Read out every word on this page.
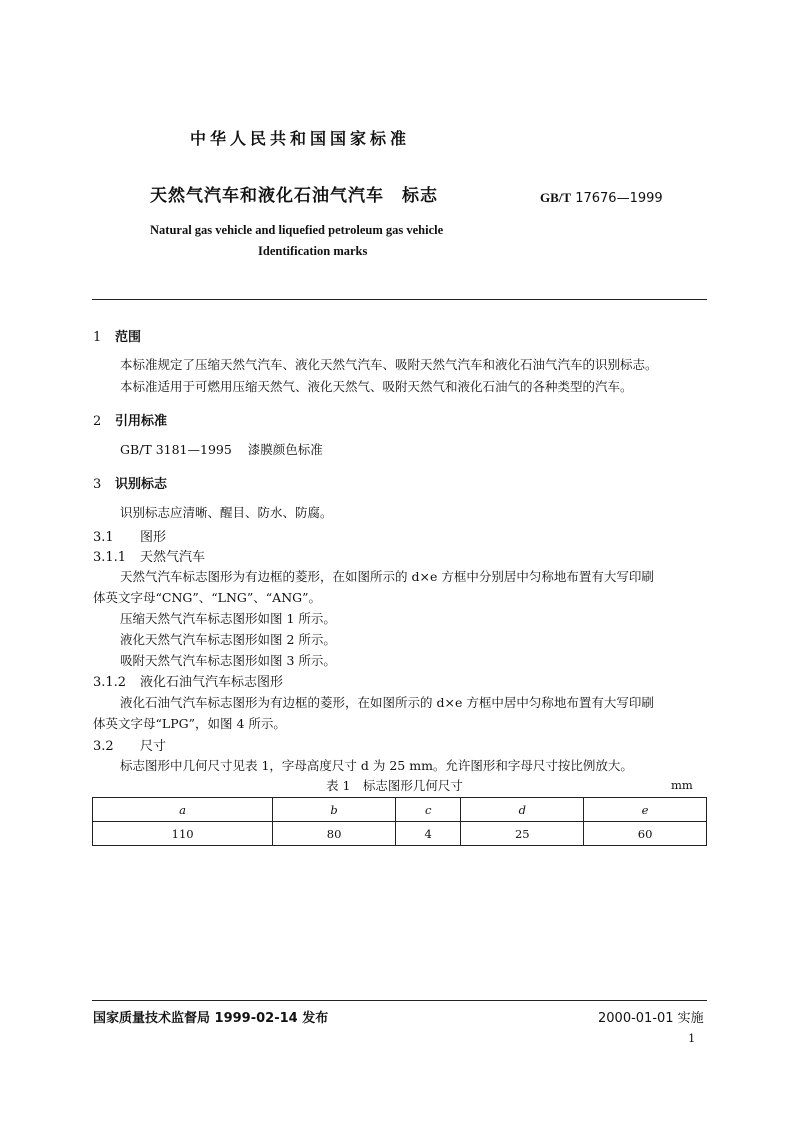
中华人民共和国国家标准
天然气汽车和液化石油气汽车　标志	GB/T 17676—1999
Natural gas vehicle and liquefied petroleum gas vehicle
Identification marks
1 范围
本标准规定了压缩天然气汽车、液化天然气汽车、吸附天然气汽车和液化石油气汽车的识别标志。
本标准适用于可燃用压缩天然气、液化天然气、吸附天然气和液化石油气的各种类型的汽车。
2 引用标准
GB/T 3181—1995 漆膜颜色标准
3 识别标志
识别标志应清晰、醒目、防水、防腐。
3.1 图形
3.1.1 天然气汽车
天然气汽车标志图形为有边框的菱形，在如图所示的 d×e 方框中分别居中匀称地布置有大写印刷
体英文字母“CNG”、“LNG”、“ANG”。
压缩天然气汽车标志图形如图 1 所示。
液化天然气汽车标志图形如图 2 所示。
吸附天然气汽车标志图形如图 3 所示。
3.1.2 液化石油气汽车标志图形
液化石油气汽车标志图形为有边框的菱形，在如图所示的 d×e 方框中居中匀称地布置有大写印刷
体英文字母“LPG”，如图 4 所示。
3.2 尺寸
标志图形中几何尺寸见表 1，字母高度尺寸 d 为 25 mm。允许图形和字母尺寸按比例放大。
表 1　标志图形几何尺寸	mm
a	b	c	d	e
110	80	4	25	60
国家质量技术监督局 1999-02-14 发布	2000-01-01 实施
1
